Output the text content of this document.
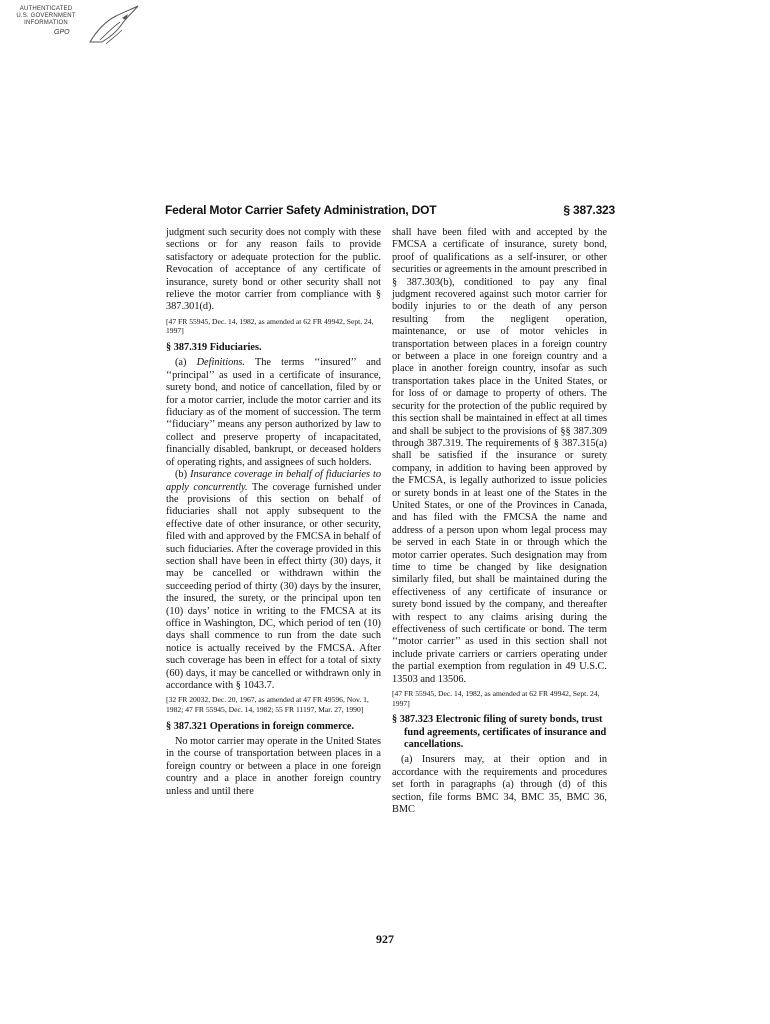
AUTHENTICATED
U.S. GOVERNMENT
INFORMATION
GPO
Federal Motor Carrier Safety Administration, DOT	§ 387.323

judgment such security does not comply with these sections or for any reason fails to provide satisfactory or adequate protection for the public. Revocation of acceptance of any certificate of insurance, surety bond or other security shall not relieve the motor carrier from compliance with § 387.301(d).

[47 FR 55945, Dec. 14, 1982, as amended at 62 FR 49942, Sept. 24, 1997]

§ 387.319 Fiduciaries.

(a) Definitions. The terms ‘‘insured’’ and ‘‘principal’’ as used in a certificate of insurance, surety bond, and notice of cancellation, filed by or for a motor carrier, include the motor carrier and its fiduciary as of the moment of succession. The term ‘‘fiduciary’’ means any person authorized by law to collect and preserve property of incapacitated, financially disabled, bankrupt, or deceased holders of operating rights, and assignees of such holders.

(b) Insurance coverage in behalf of fiduciaries to apply concurrently. The coverage furnished under the provisions of this section on behalf of fiduciaries shall not apply subsequent to the effective date of other insurance, or other security, filed with and approved by the FMCSA in behalf of such fiduciaries. After the coverage provided in this section shall have been in effect thirty (30) days, it may be cancelled or withdrawn within the succeeding period of thirty (30) days by the insurer, the insured, the surety, or the principal upon ten (10) days’ notice in writing to the FMCSA at its office in Washington, DC, which period of ten (10) days shall commence to run from the date such notice is actually received by the FMCSA. After such coverage has been in effect for a total of sixty (60) days, it may be cancelled or withdrawn only in accordance with § 1043.7.

[32 FR 20032, Dec. 20, 1967, as amended at 47 FR 49596, Nov. 1, 1982; 47 FR 55945, Dec. 14, 1982; 55 FR 11197, Mar. 27, 1990]

§ 387.321 Operations in foreign commerce.

No motor carrier may operate in the United States in the course of transportation between places in a foreign country or between a place in one foreign country and a place in another foreign country unless and until there

shall have been filed with and accepted by the FMCSA a certificate of insurance, surety bond, proof of qualifications as a self-insurer, or other securities or agreements in the amount prescribed in § 387.303(b), conditioned to pay any final judgment recovered against such motor carrier for bodily injuries to or the death of any person resulting from the negligent operation, maintenance, or use of motor vehicles in transportation between places in a foreign country or between a place in one foreign country and a place in another foreign country, insofar as such transportation takes place in the United States, or for loss of or damage to property of others. The security for the protection of the public required by this section shall be maintained in effect at all times and shall be subject to the provisions of §§ 387.309 through 387.319. The requirements of § 387.315(a) shall be satisfied if the insurance or surety company, in addition to having been approved by the FMCSA, is legally authorized to issue policies or surety bonds in at least one of the States in the United States, or one of the Provinces in Canada, and has filed with the FMCSA the name and address of a person upon whom legal process may be served in each State in or through which the motor carrier operates. Such designation may from time to time be changed by like designation similarly filed, but shall be maintained during the effectiveness of any certificate of insurance or surety bond issued by the company, and thereafter with respect to any claims arising during the effectiveness of such certificate or bond. The term ‘‘motor carrier’’ as used in this section shall not include private carriers or carriers operating under the partial exemption from regulation in 49 U.S.C. 13503 and 13506.

[47 FR 55945, Dec. 14, 1982, as amended at 62 FR 49942, Sept. 24, 1997]

§ 387.323 Electronic filing of surety bonds, trust fund agreements, certificates of insurance and cancellations.

(a) Insurers may, at their option and in accordance with the requirements and procedures set forth in paragraphs (a) through (d) of this section, file forms BMC 34, BMC 35, BMC 36, BMC

927
